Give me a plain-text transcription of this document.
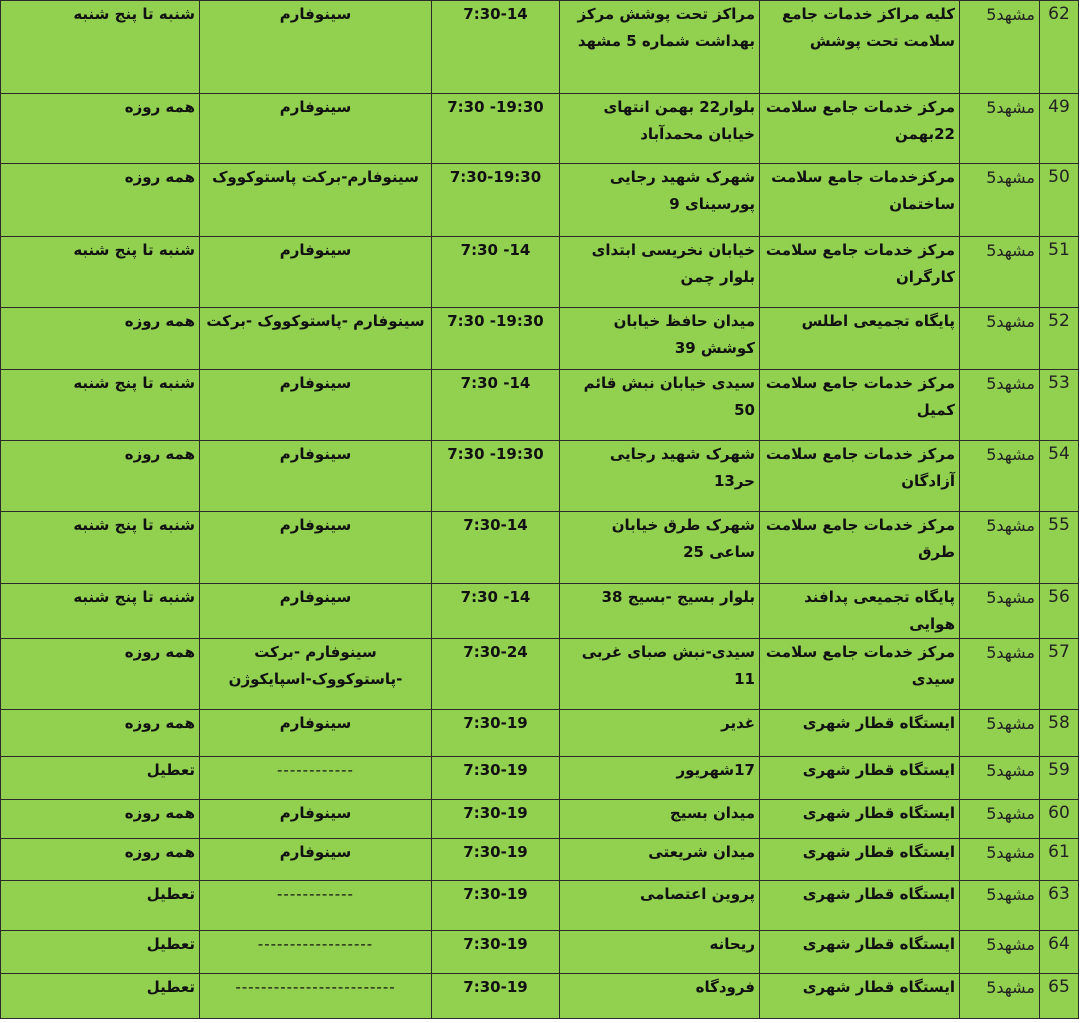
62	مشهد5	کلیه مراکز خدمات جامع سلامت تحت پوشش	مراکز تحت پوشش مرکز بهداشت شماره 5 مشهد	7:30-14	سینوفارم	شنبه تا پنج شنبه
49	مشهد5	مرکز خدمات جامع سلامت 22بهمن	بلوار22 بهمن انتهای خیابان محمدآباد	19:30- 7:30	سینوفارم	همه روزه
50	مشهد5	مرکزخدمات جامع سلامت ساختمان	شهرک شهید رجایی پورسینای 9	7:30-19:30	سینوفارم-برکت پاستوکووک	همه روزه
51	مشهد5	مرکز خدمات جامع سلامت کارگران	خیابان نخریسی ابتدای بلوار چمن	14- 7:30	سینوفارم	شنبه تا پنج شنبه
52	مشهد5	پایگاه تجمیعی اطلس	میدان حافظ خیابان کوشش 39	19:30- 7:30	سینوفارم -پاستوکووک -برکت	همه روزه
53	مشهد5	مرکز خدمات جامع سلامت کمیل	سیدی خیابان نبش قائم 50	14- 7:30	سینوفارم	شنبه تا پنج شنبه
54	مشهد5	مرکز خدمات جامع سلامت آزادگان	شهرک شهید رجایی حر13	19:30- 7:30	سینوفارم	همه روزه
55	مشهد5	مرکز خدمات جامع سلامت طرق	شهرک طرق خیابان ساعی 25	7:30-14	سینوفارم	شنبه تا پنج شنبه
56	مشهد5	پایگاه تجمیعی پدافند هوایی	بلوار بسیج -بسیج 38	14- 7:30	سینوفارم	شنبه تا پنج شنبه
57	مشهد5	مرکز خدمات جامع سلامت سیدی	سیدی-نبش صبای غربی 11	7:30-24	سینوفارم -برکت -پاستوکووک-اسپایکوژن	همه روزه
58	مشهد5	ایستگاه قطار شهری	غدیر	7:30-19	سینوفارم	همه روزه
59	مشهد5	ایستگاه قطار شهری	17شهریور	7:30-19	------------	تعطیل
60	مشهد5	ایستگاه قطار شهری	میدان بسیج	7:30-19	سینوفارم	همه روزه
61	مشهد5	ایستگاه قطار شهری	میدان شریعتی	7:30-19	سینوفارم	همه روزه
63	مشهد5	ایستگاه قطار شهری	پروین اعتصامی	7:30-19	------------	تعطیل
64	مشهد5	ایستگاه قطار شهری	ریحانه	7:30-19	------------------	تعطیل
65	مشهد5	ایستگاه قطار شهری	فرودگاه	7:30-19	-------------------------	تعطیل
